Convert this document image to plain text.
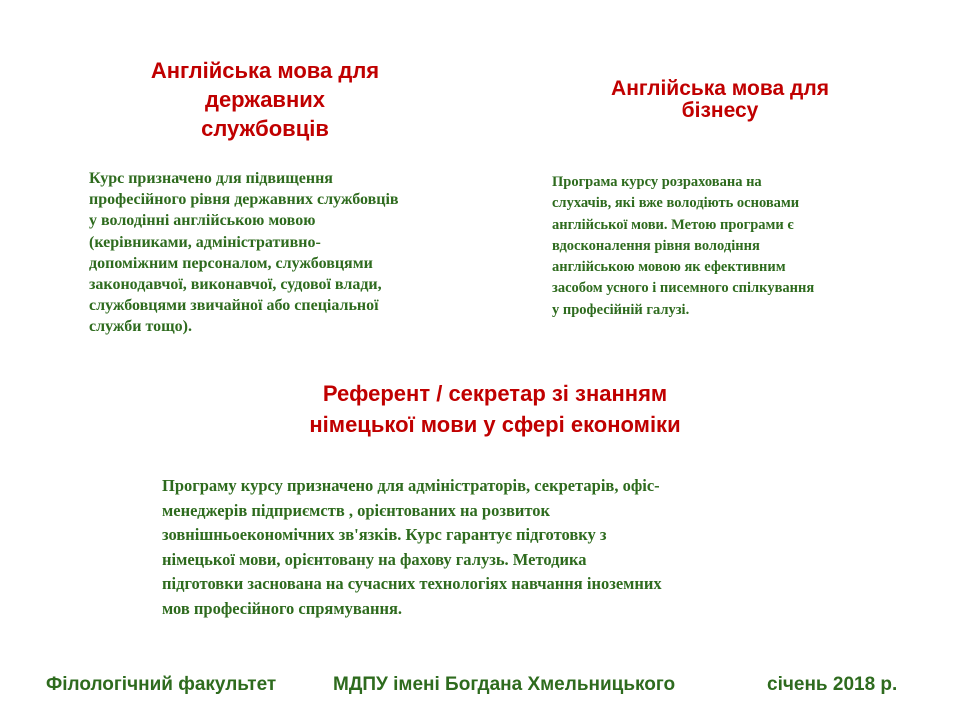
Англійська мова для
державних
службовців

Курс призначено для підвищення
професійного рівня державних службовців
у володінні англійською мовою
(керівниками, адміністративно-
допоміжним персоналом, службовцями
законодавчої, виконавчої, судової влади,
службовцями звичайної або спеціальної
служби тощо).

Англійська мова для
бізнесу

Програма курсу розрахована на
слухачів, які вже володіють основами
англійської мови. Метою програми є
вдосконалення рівня володіння
англійською мовою як ефективним
засобом усного і писемного спілкування
у професійній галузі.

Референт / секретар зі знанням
німецької мови у сфері економіки

Програму курсу призначено для адміністраторів, секретарів, офіс-
менеджерів підприємств , орієнтованих на розвиток
зовнішньоекономічних зв'язків. Курс гарантує підготовку з
німецької мови, орієнтовану на фахову галузь. Методика
підготовки заснована на сучасних технологіях навчання іноземних
мов професійного спрямування.

Філологічний факультет	МДПУ імені Богдана Хмельницького	січень 2018 р.
